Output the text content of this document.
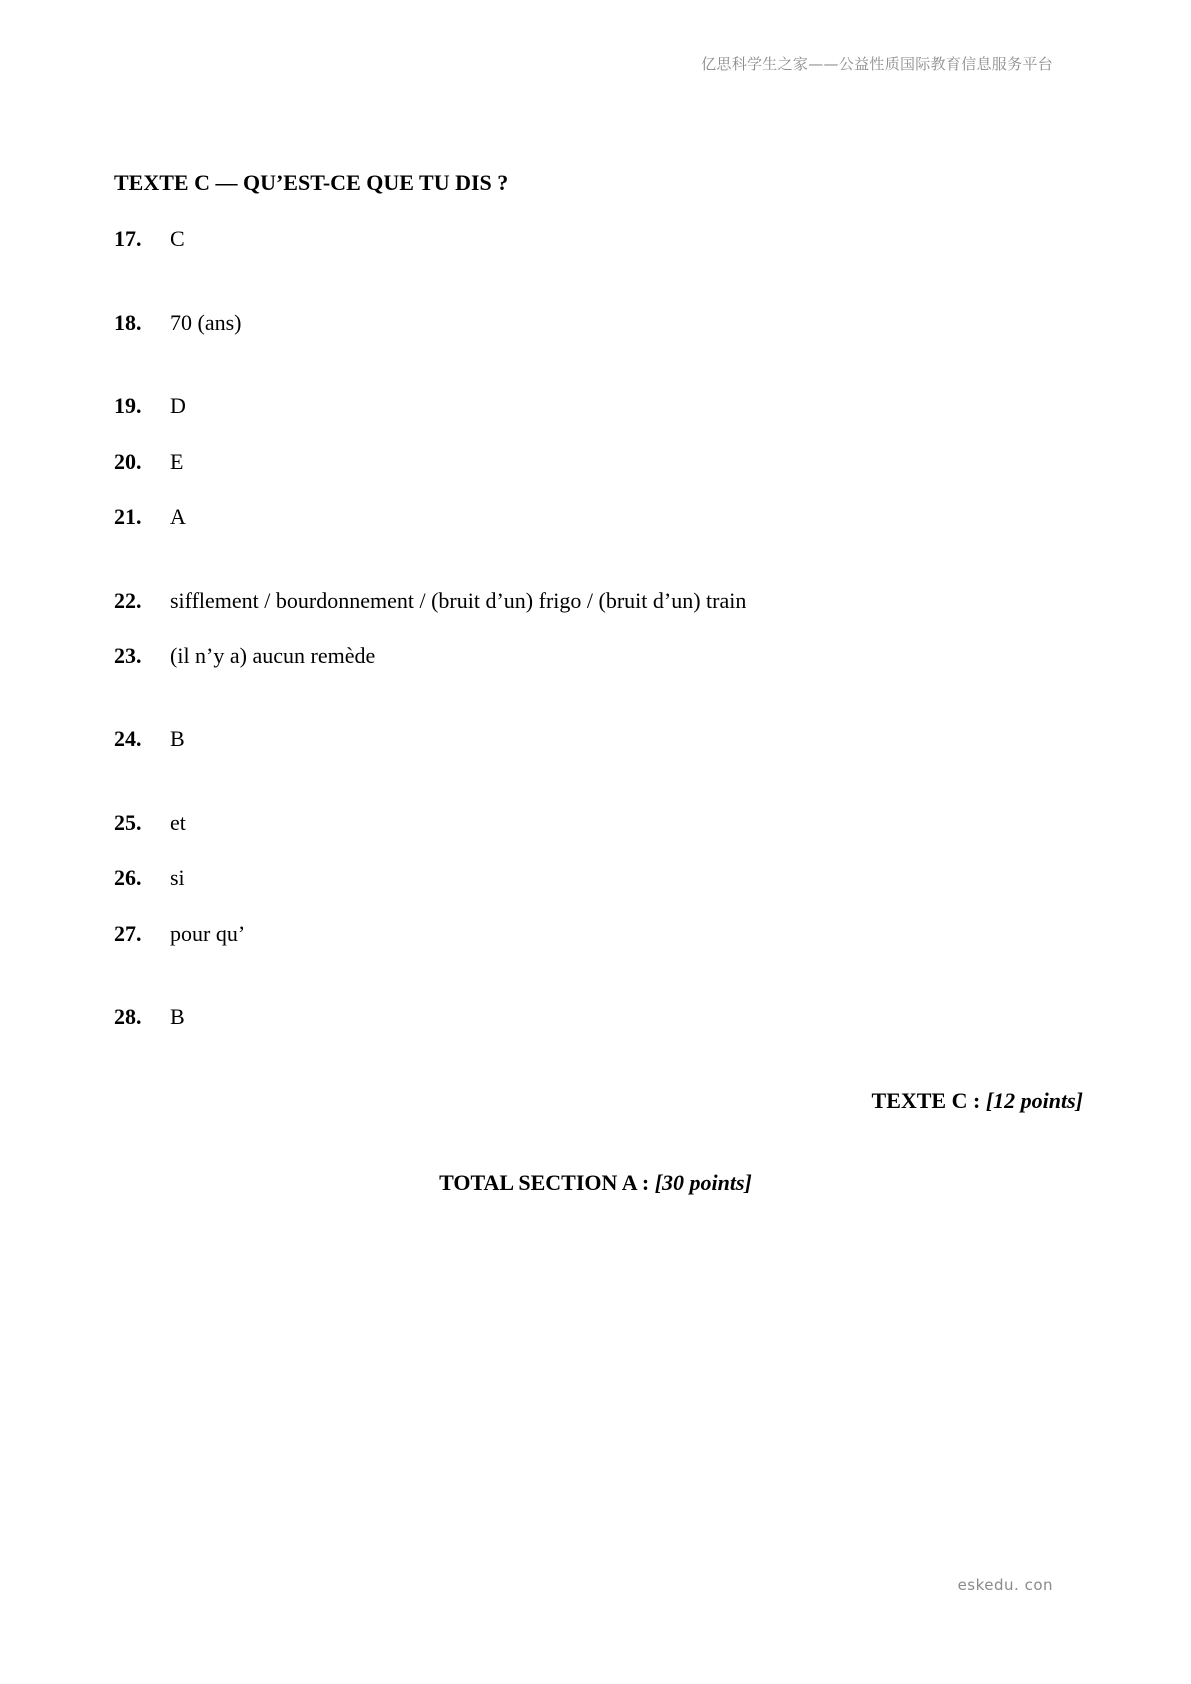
亿思科学生之家——公益性质国际教育信息服务平台
TEXTE C — QU’EST-CE QUE TU DIS ?
17. C
18. 70 (ans)
19. D
20. E
21. A
22. sifflement / bourdonnement / (bruit d’un) frigo / (bruit d’un) train
23. (il n’y a) aucun remède
24. B
25. et
26. si
27. pour qu’
28. B
TEXTE C : [12 points]
TOTAL SECTION A : [30 points]
eskedu. con
